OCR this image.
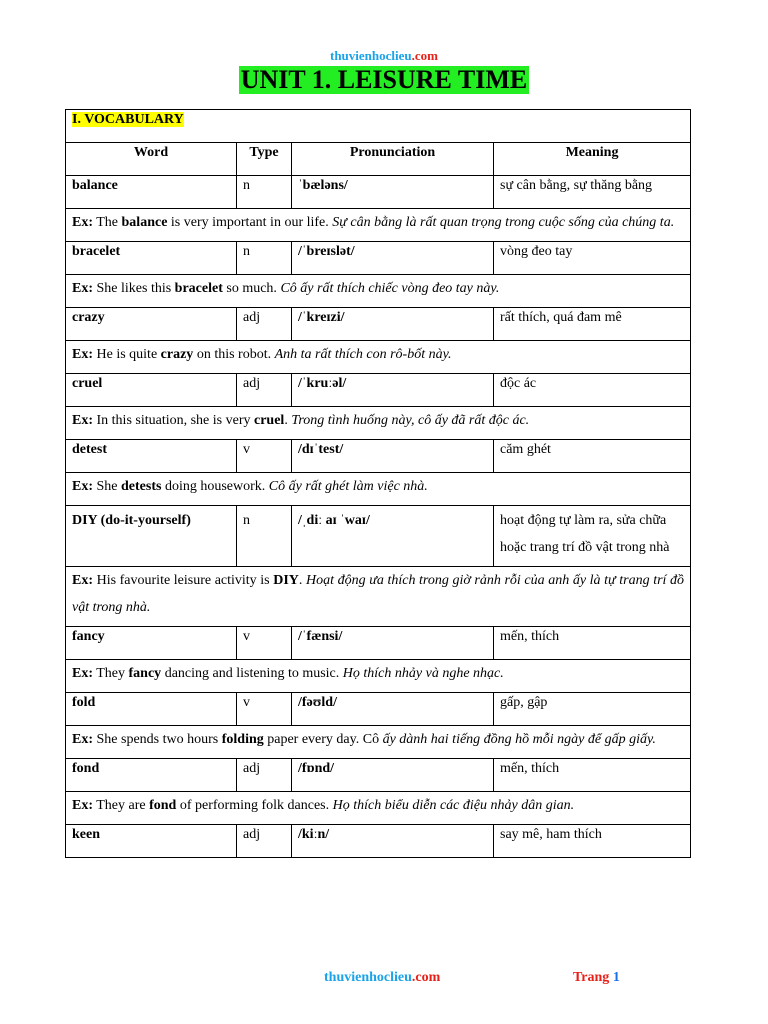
thuvienhoclieu.com
UNIT 1. LEISURE TIME
I. VOCABULARY			
Word	Type	Pronunciation	Meaning
balance	n	ˈbæləns/	sự cân bằng, sự thăng bằng
Ex: The balance is very important in our life. Sự cân bằng là rất quan trọng trong cuộc sống của chúng ta.			
bracelet	n	/ˈbreɪslət/	vòng đeo tay
Ex: She likes this bracelet so much. Cô ấy rất thích chiếc vòng đeo tay này.			
crazy	adj	/ˈkreɪzi/	rất thích, quá đam mê
Ex: He is quite crazy on this robot. Anh ta rất thích con rô-bốt này.			
cruel	adj	/ˈkruːəl/	độc ác
Ex: In this situation, she is very cruel. Trong tình huống này, cô ấy đã rất độc ác.			
detest	v	/dɪˈtest/	căm ghét
Ex: She detests doing housework. Cô ấy rất ghét làm việc nhà.			
DIY (do-it-yourself)	n	/ˌdiː aɪ ˈwaɪ/	hoạt động tự làm ra, sửa chữa hoặc trang trí đồ vật trong nhà
Ex: His favourite leisure activity is DIY. Hoạt động ưa thích trong giờ rảnh rỗi của anh ấy là tự trang trí đồ vật trong nhà.			
fancy	v	/ˈfænsi/	mến, thích
Ex: They fancy dancing and listening to music. Họ thích nhảy và nghe nhạc.			
fold	v	/fəʊld/	gấp, gập
Ex: She spends two hours folding paper every day. Cô ấy dành hai tiếng đồng hồ mỗi ngày để gấp giấy.			
fond	adj	/fɒnd/	mến, thích
Ex: They are fond of performing folk dances. Họ thích biểu diễn các điệu nhảy dân gian.			
keen	adj	/kiːn/	say mê, ham thích
thuvienhoclieu.com	Trang 1
